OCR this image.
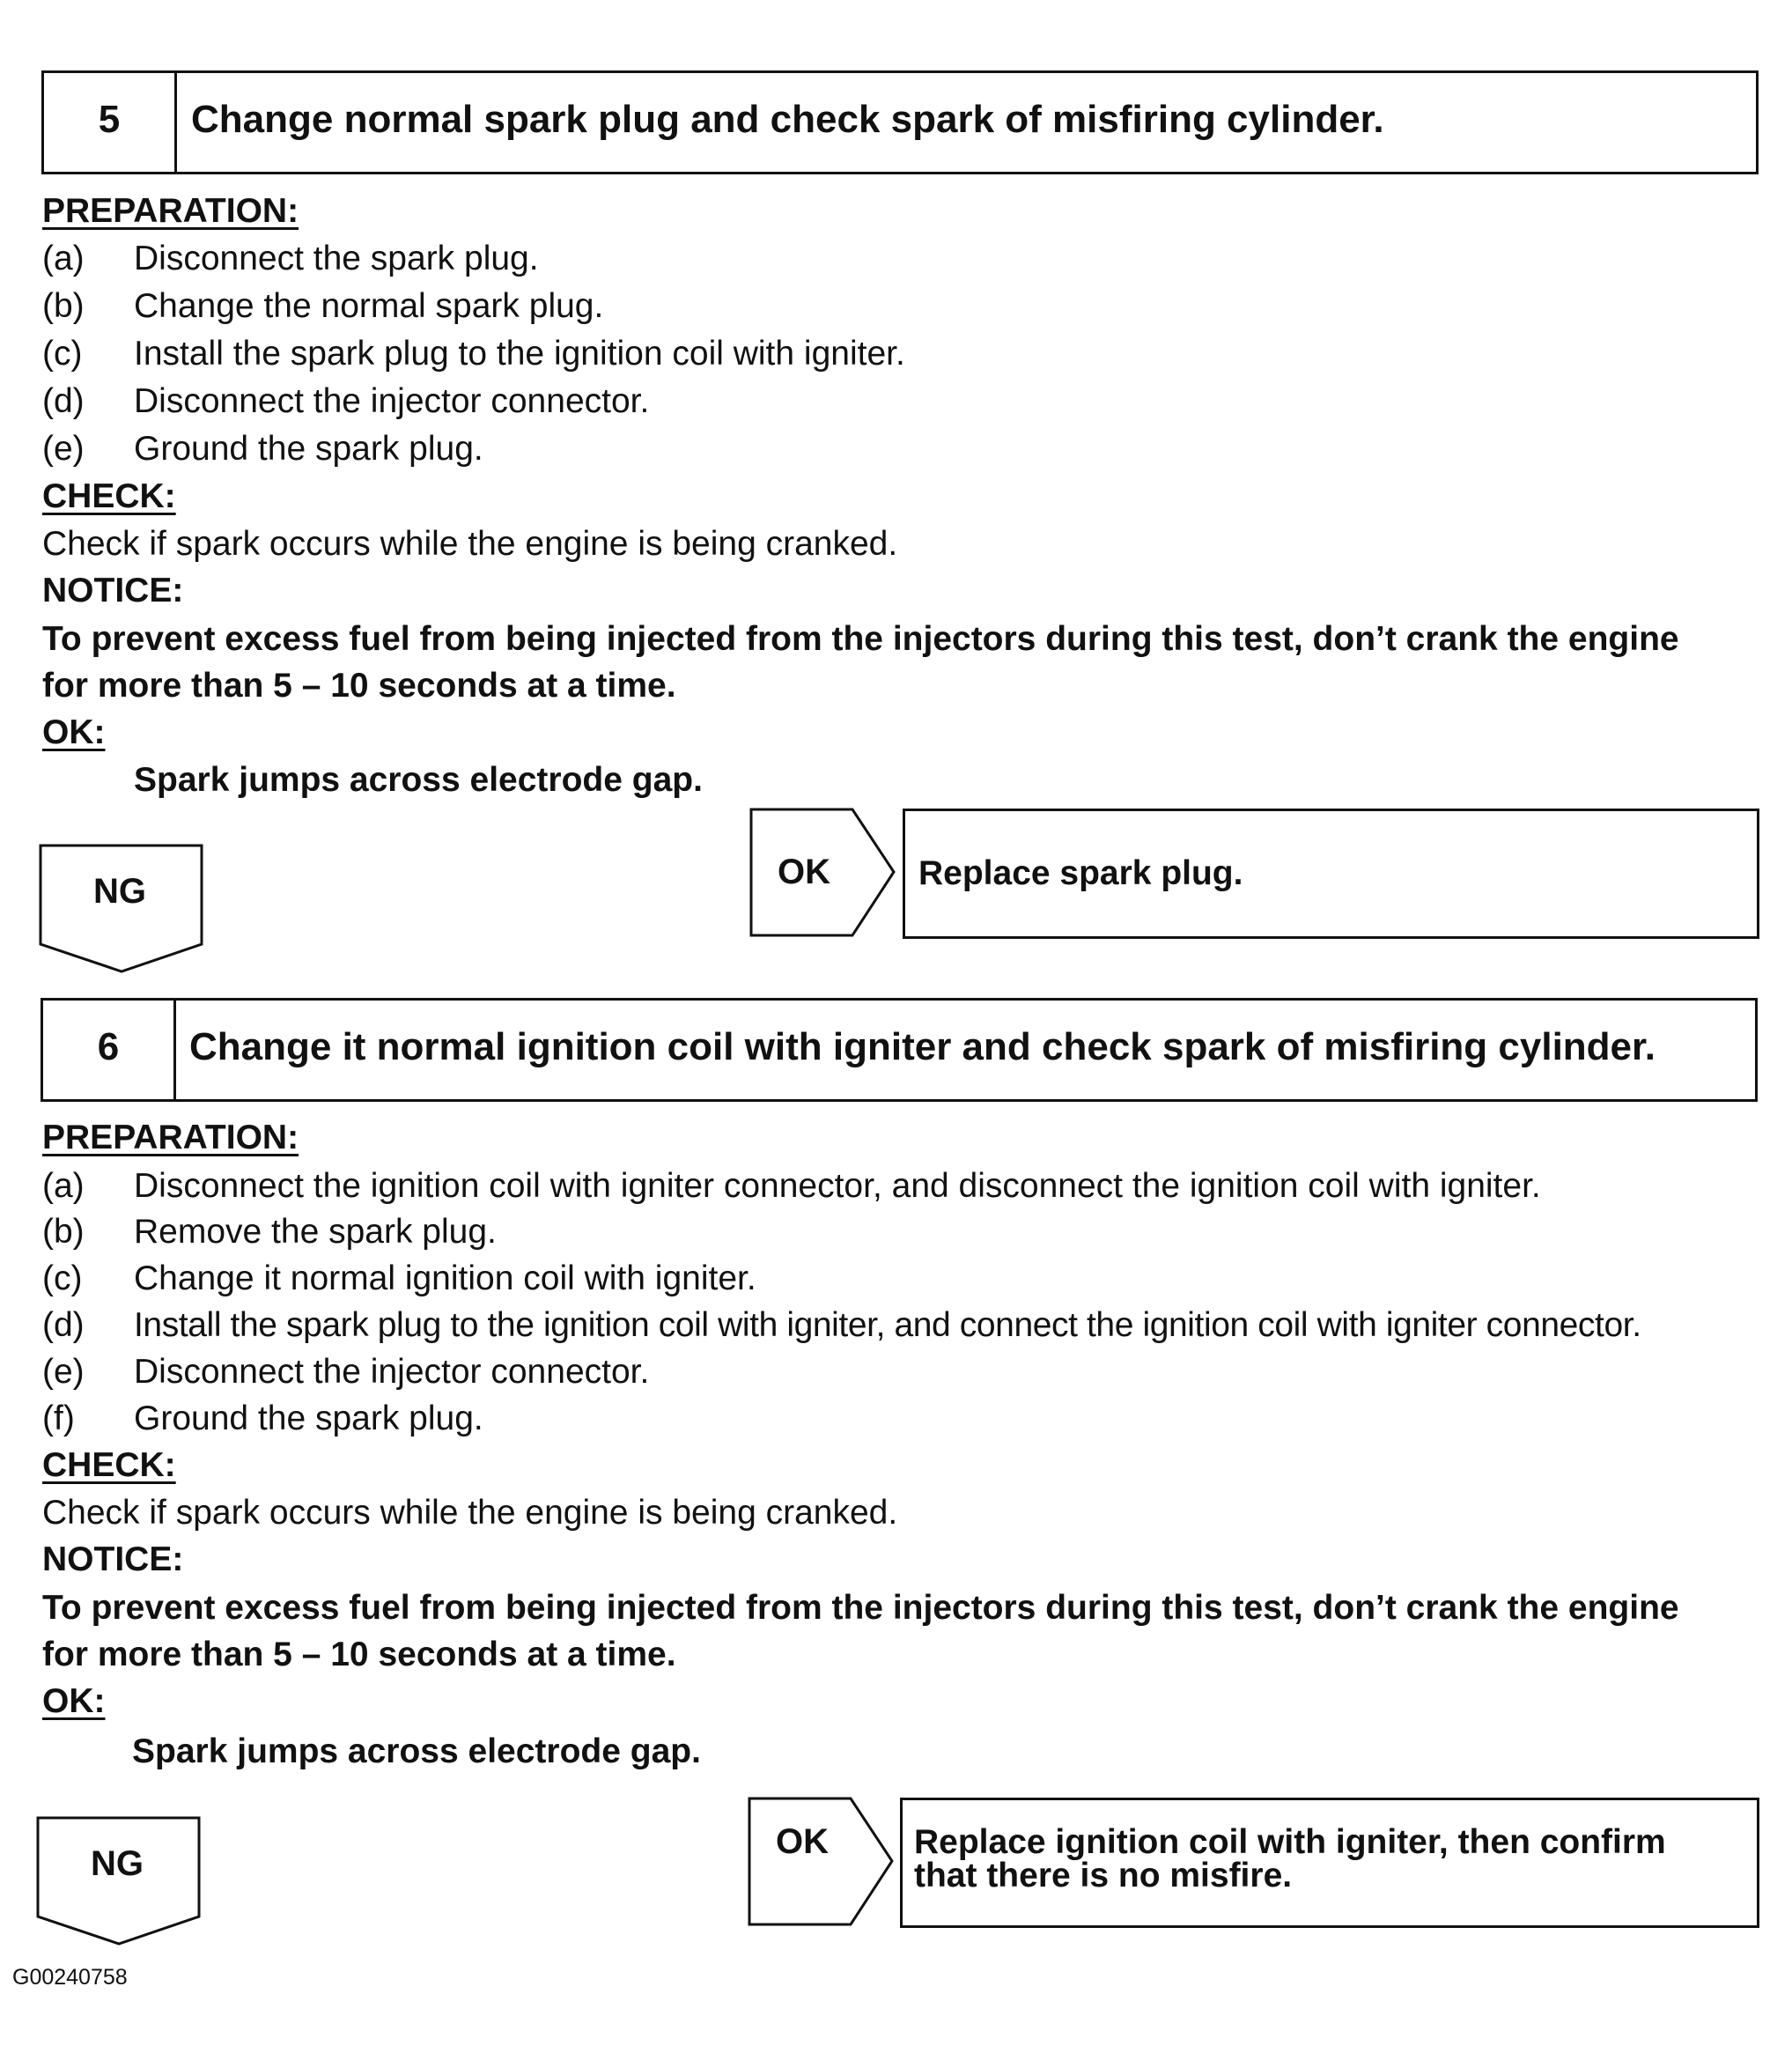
5	Change normal spark plug and check spark of misfiring cylinder.
PREPARATION:
(a) Disconnect the spark plug.
(b) Change the normal spark plug.
(c) Install the spark plug to the ignition coil with igniter.
(d) Disconnect the injector connector.
(e) Ground the spark plug.
CHECK:
Check if spark occurs while the engine is being cranked.
NOTICE:
To prevent excess fuel from being injected from the injectors during this test, don’t crank the engine
for more than 5 – 10 seconds at a time.
OK:
Spark jumps across electrode gap.
NG	OK	Replace spark plug.
6	Change it normal ignition coil with igniter and check spark of misfiring cylinder.
PREPARATION:
(a) Disconnect the ignition coil with igniter connector, and disconnect the ignition coil with igniter.
(b) Remove the spark plug.
(c) Change it normal ignition coil with igniter.
(d) Install the spark plug to the ignition coil with igniter, and connect the ignition coil with igniter connector.
(e) Disconnect the injector connector.
(f) Ground the spark plug.
CHECK:
Check if spark occurs while the engine is being cranked.
NOTICE:
To prevent excess fuel from being injected from the injectors during this test, don’t crank the engine
for more than 5 – 10 seconds at a time.
OK:
Spark jumps across electrode gap.
NG
OK	Replace ignition coil with igniter, then confirm
that there is no misfire.
G00240758
